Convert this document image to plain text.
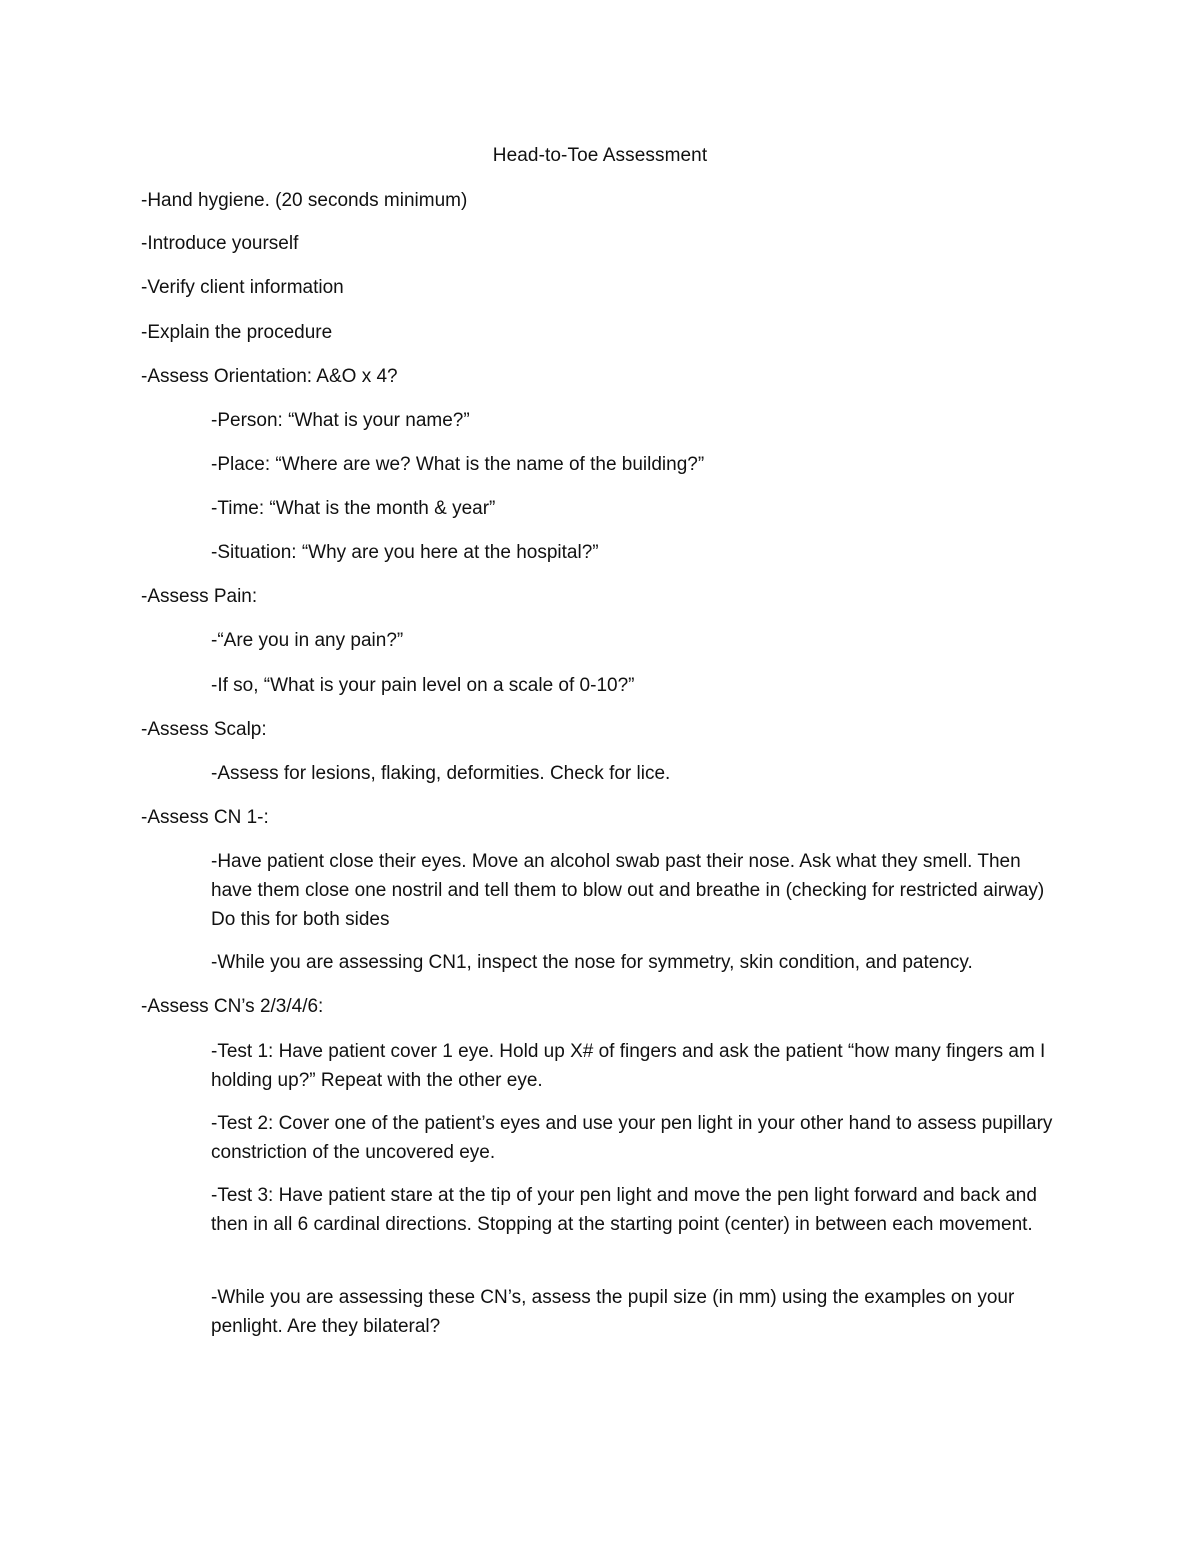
Head-to-Toe Assessment
-Hand hygiene. (20 seconds minimum)
-Introduce yourself
-Verify client information
-Explain the procedure
-Assess Orientation: A&O x 4?
-Person: “What is your name?”
-Place: “Where are we? What is the name of the building?”
-Time: “What is the month & year”
-Situation: “Why are you here at the hospital?”
-Assess Pain:
-“Are you in any pain?”
-If so, “What is your pain level on a scale of 0-10?”
-Assess Scalp:
-Assess for lesions, flaking, deformities. Check for lice.
-Assess CN 1-:
-Have patient close their eyes. Move an alcohol swab past their nose. Ask what they smell. Then have them close one nostril and tell them to blow out and breathe in (checking for restricted airway) Do this for both sides
-While you are assessing CN1, inspect the nose for symmetry, skin condition, and patency.
-Assess CN’s 2/3/4/6:
-Test 1: Have patient cover 1 eye. Hold up X# of fingers and ask the patient “how many fingers am I holding up?” Repeat with the other eye.
-Test 2: Cover one of the patient’s eyes and use your pen light in your other hand to assess pupillary constriction of the uncovered eye.
-Test 3: Have patient stare at the tip of your pen light and move the pen light forward and back and then in all 6 cardinal directions. Stopping at the starting point (center) in between each movement.
-While you are assessing these CN’s, assess the pupil size (in mm) using the examples on your penlight. Are they bilateral?
